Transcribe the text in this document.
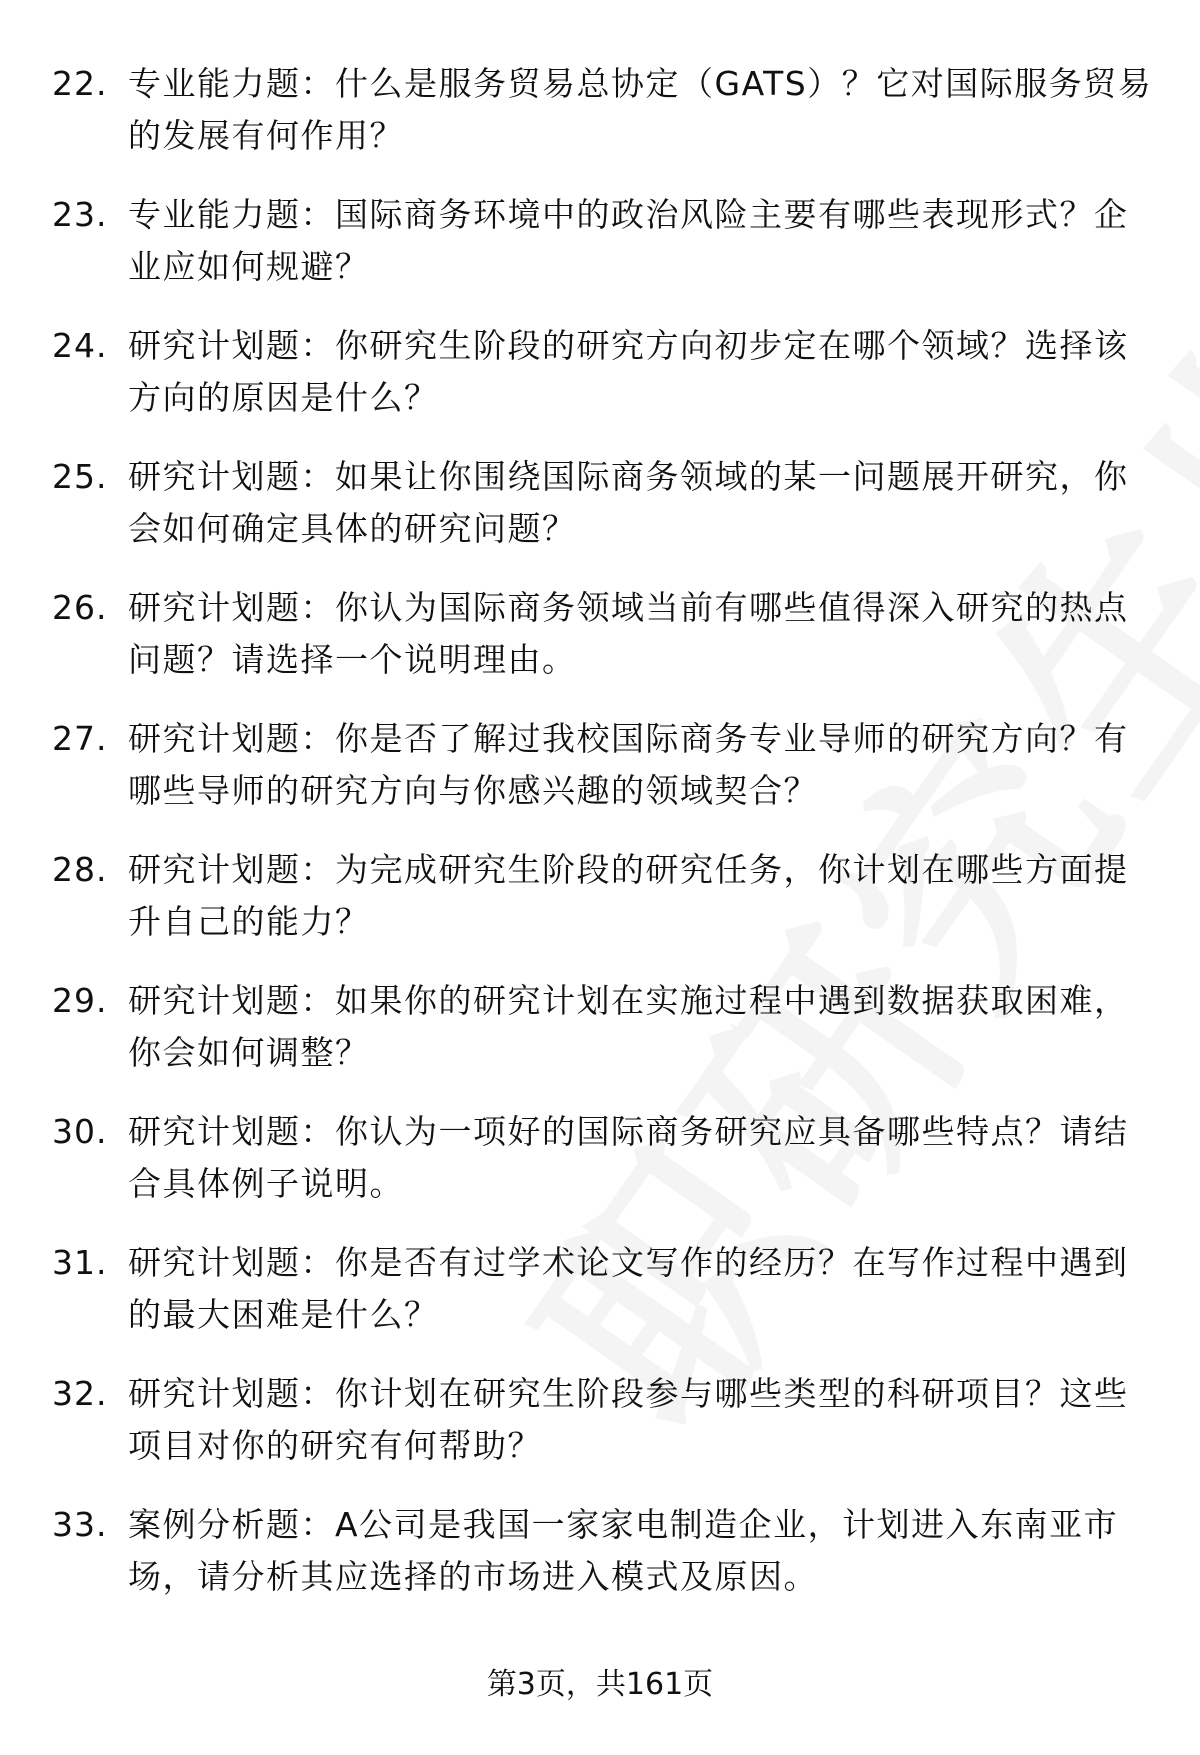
22. 专业能力题：什么是服务贸易总协定（GATS）？它对国际服务贸易的发展有何作用？
23. 专业能力题：国际商务环境中的政治风险主要有哪些表现形式？企业应如何规避？
24. 研究计划题：你研究生阶段的研究方向初步定在哪个领域？选择该方向的原因是什么？
25. 研究计划题：如果让你围绕国际商务领域的某一问题展开研究，你会如何确定具体的研究问题？
26. 研究计划题：你认为国际商务领域当前有哪些值得深入研究的热点问题？请选择一个说明理由。
27. 研究计划题：你是否了解过我校国际商务专业导师的研究方向？有哪些导师的研究方向与你感兴趣的领域契合？
28. 研究计划题：为完成研究生阶段的研究任务，你计划在哪些方面提升自己的能力？
29. 研究计划题：如果你的研究计划在实施过程中遇到数据获取困难，你会如何调整？
30. 研究计划题：你认为一项好的国际商务研究应具备哪些特点？请结合具体例子说明。
31. 研究计划题：你是否有过学术论文写作的经历？在写作过程中遇到的最大困难是什么？
32. 研究计划题：你计划在研究生阶段参与哪些类型的科研项目？这些项目对你的研究有何帮助？
33. 案例分析题：A公司是我国一家家电制造企业，计划进入东南亚市场，请分析其应选择的市场进入模式及原因。
第3页，共161页
